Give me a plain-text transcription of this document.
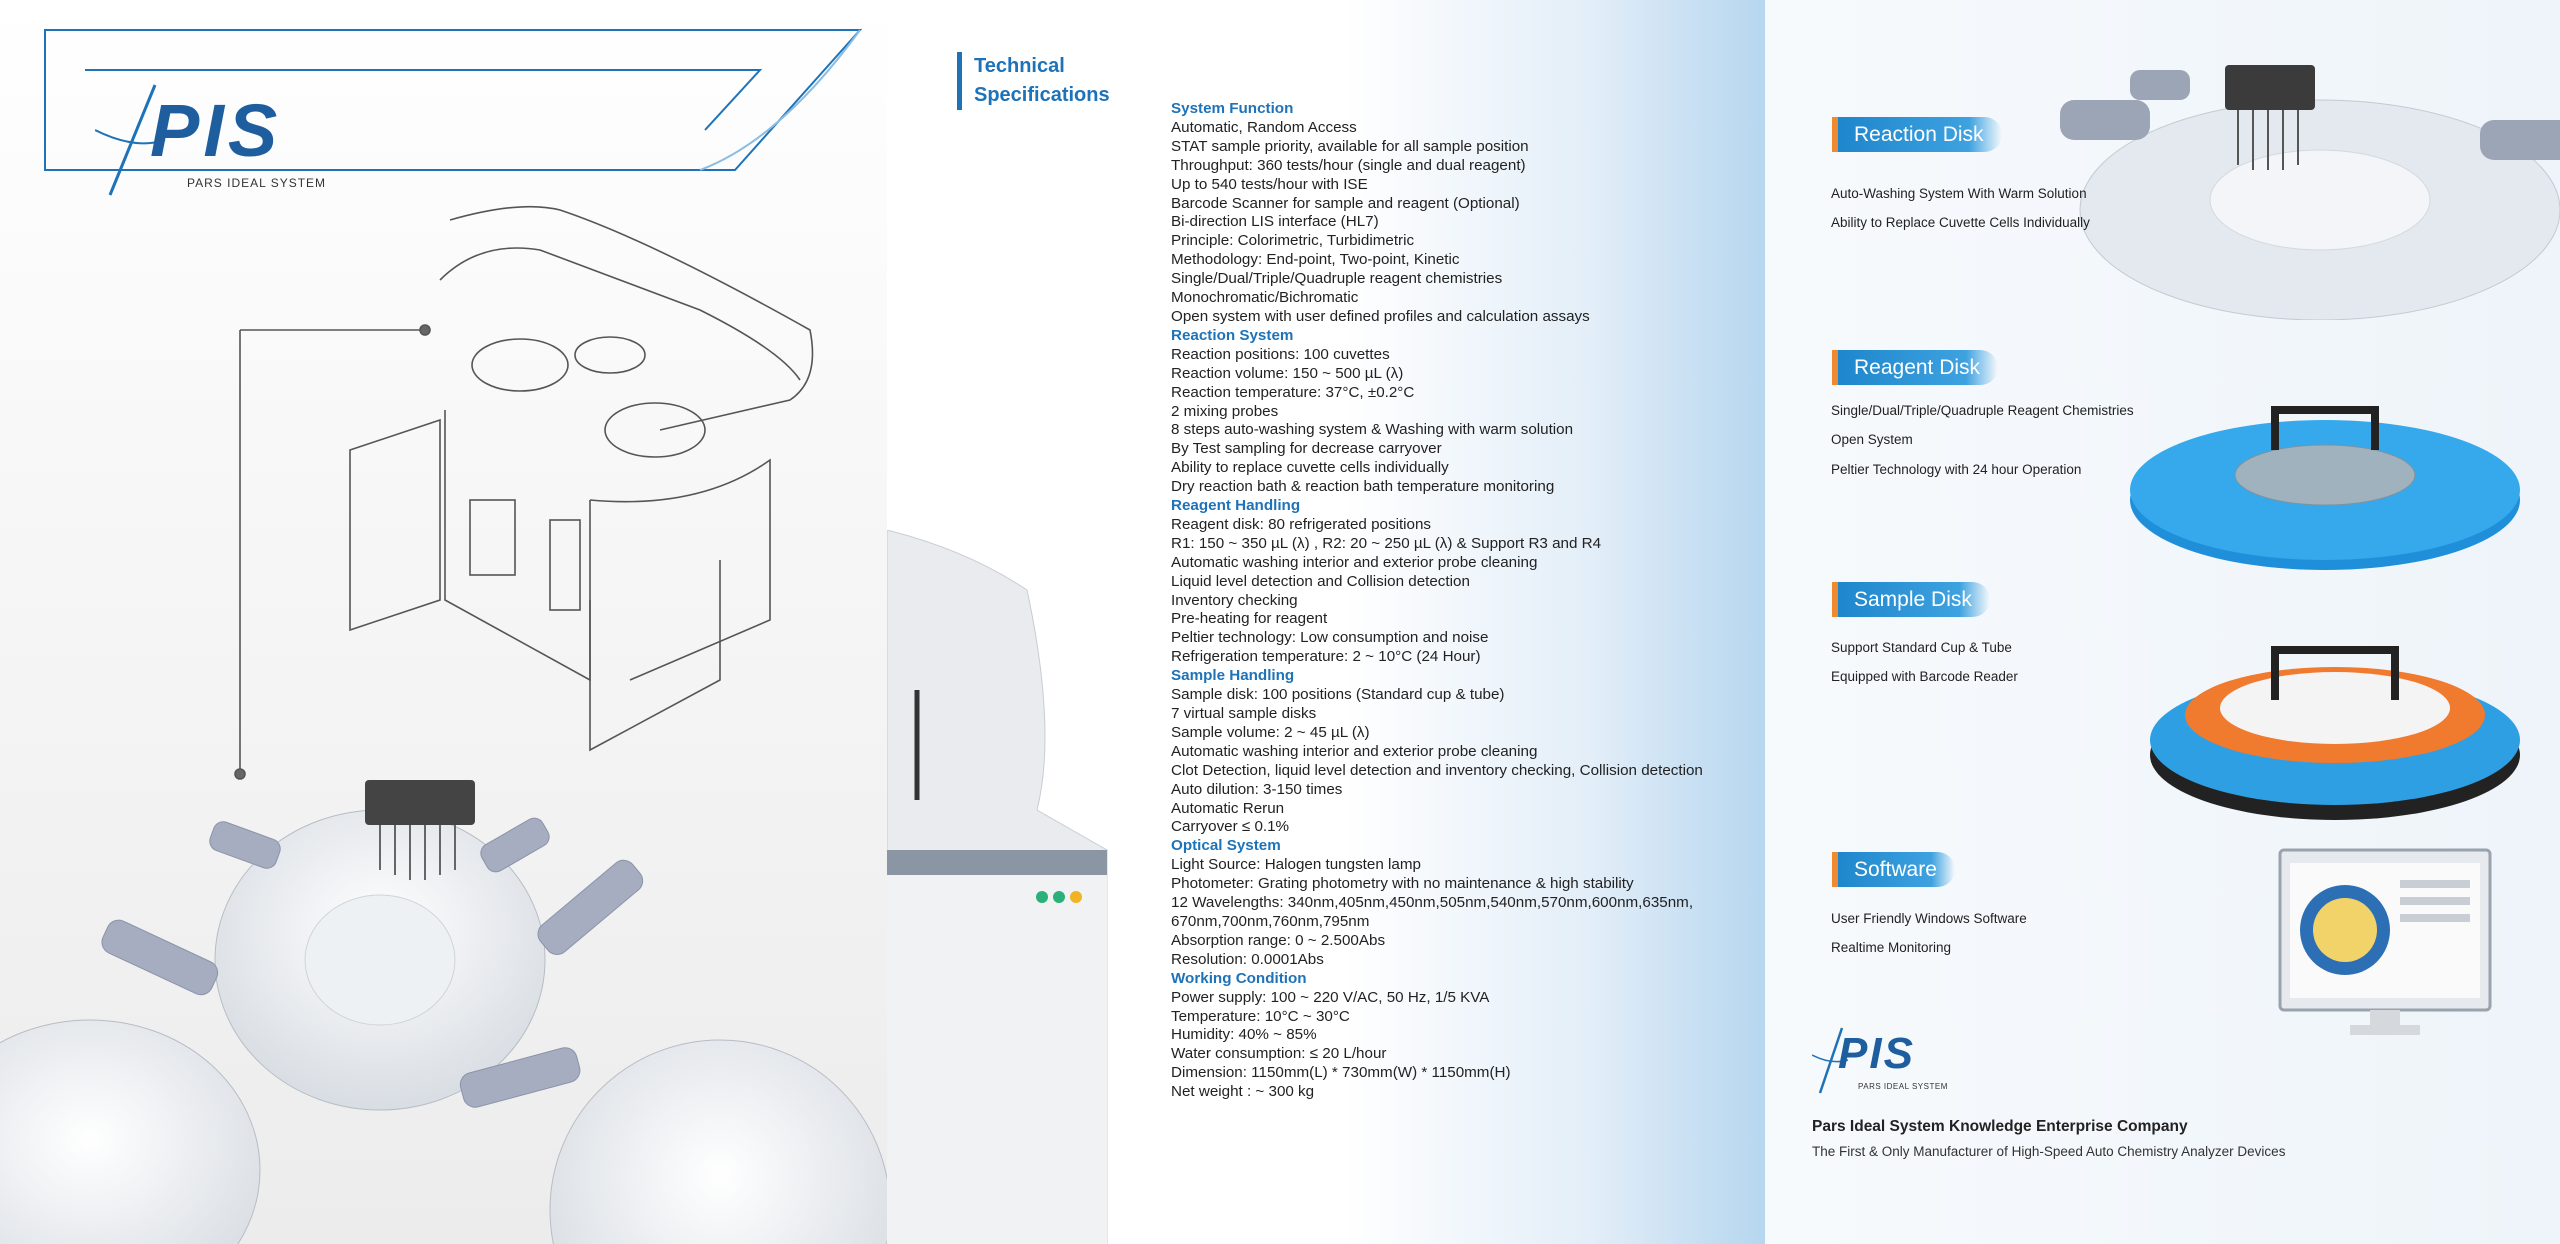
PIS
PARS IDEAL SYSTEM
Technical
Specifications
System Function
Automatic, Random Access
STAT sample priority, available for all sample position
Throughput: 360 tests/hour (single and dual reagent)
Up to 540 tests/hour with ISE
Barcode Scanner for sample and reagent (Optional)
Bi-direction LIS interface (HL7)
Principle: Colorimetric, Turbidimetric
Methodology: End-point, Two-point, Kinetic
Single/Dual/Triple/Quadruple reagent chemistries
Monochromatic/Bichromatic
Open system with user defined profiles and calculation assays
Reaction System
Reaction positions: 100 cuvettes
Reaction volume: 150 ~ 500 µL (λ)
Reaction temperature: 37°C, ±0.2°C
2 mixing probes
8 steps auto-washing system & Washing with warm solution
By Test sampling for decrease carryover
Ability to replace cuvette cells individually
Dry reaction bath & reaction bath temperature monitoring
Reagent Handling
Reagent disk: 80 refrigerated positions
R1: 150 ~ 350 µL (λ) , R2: 20 ~ 250 µL (λ) & Support R3 and R4
Automatic washing interior and exterior probe cleaning
Liquid level detection and Collision detection
Inventory checking
Pre-heating for reagent
Peltier technology: Low consumption and noise
Refrigeration temperature: 2 ~ 10°C (24 Hour)
Sample Handling
Sample disk: 100 positions (Standard cup & tube)
7 virtual sample disks
Sample volume: 2 ~ 45 µL (λ)
Automatic washing interior and exterior probe cleaning
Clot Detection, liquid level detection and inventory checking, Collision detection
Auto dilution: 3-150 times
Automatic Rerun
Carryover ≤ 0.1%
Optical System
Light Source: Halogen tungsten lamp
Photometer: Grating photometry with no maintenance & high stability
12 Wavelengths: 340nm,405nm,450nm,505nm,540nm,570nm,600nm,635nm,
670nm,700nm,760nm,795nm
Absorption range: 0 ~ 2.500Abs
Resolution: 0.0001Abs
Working Condition
Power supply: 100 ~ 220 V/AC, 50 Hz, 1/5 KVA
Temperature: 10°C ~ 30°C
Humidity: 40% ~ 85%
Water consumption: ≤ 20 L/hour
Dimension: 1150mm(L) * 730mm(W) * 1150mm(H)
Net weight : ~ 300 kg
Reaction Disk
Auto-Washing System With Warm Solution
Ability to Replace Cuvette Cells Individually
Reagent Disk
Single/Dual/Triple/Quadruple Reagent Chemistries
Open System
Peltier Technology with 24 hour Operation
Sample Disk
Support Standard Cup & Tube
Equipped with Barcode Reader
Software
User Friendly Windows Software
Realtime Monitoring
PIS
PARS IDEAL SYSTEM
Pars Ideal System Knowledge Enterprise Company
The First & Only Manufacturer of High-Speed Auto Chemistry Analyzer Devices
